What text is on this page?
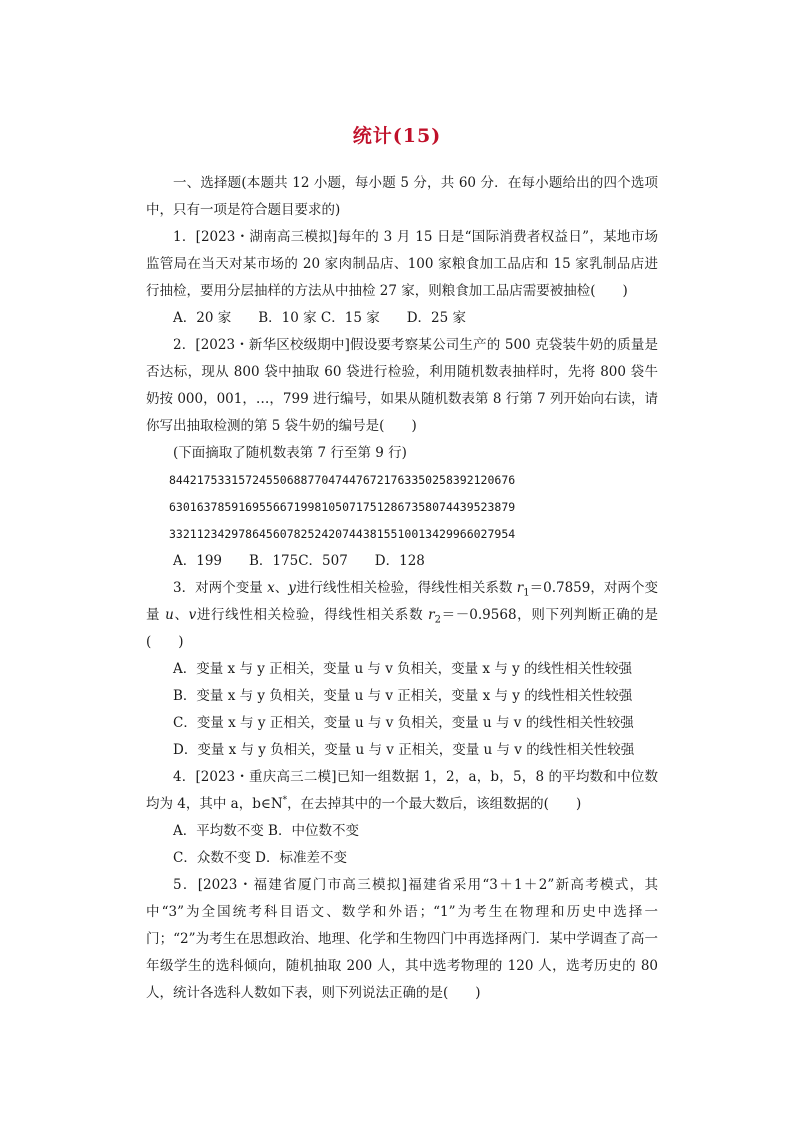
统计(15)

一、选择题(本题共 12 小题，每小题 5 分，共 60 分．在每小题给出的四个选项中，只有一项是符合题目要求的)

1．[2023・湖南高三模拟]每年的 3 月 15 日是“国际消费者权益日”，某地市场监管局在当天对某市场的 20 家肉制品店、100 家粮食加工品店和 15 家乳制品店进行抽检，要用分层抽样的方法从中抽检 27 家，则粮食加工品店需要被抽检(　　)

A．20 家　　B．10 家 C．15 家　　D．25 家

2．[2023・新华区校级期中]假设要考察某公司生产的 500 克袋装牛奶的质量是否达标，现从 800 袋中抽取 60 袋进行检验，利用随机数表抽样时，先将 800 袋牛奶按 000，001，…，799 进行编号，如果从随机数表第 8 行第 7 列开始向右读，请你写出抽取检测的第 5 袋牛奶的编号是(　　)

(下面摘取了随机数表第 7 行至第 9 行)

84421753315724550688770474476721763350258392120676

63016378591695566719981050717512867358074439523879

33211234297864560782524207443815510013429966027954

A．199　　B．175C．507　　D．128

3．对两个变量 x、y进行线性相关检验，得线性相关系数 $r_1=0.7859$，对两个变量 u、v进行线性相关检验，得线性相关系数 $r_2=-0.9568$，则下列判断正确的是(　　)

A．变量 x 与 y 正相关，变量 u 与 v 负相关，变量 x 与 y 的线性相关性较强

B．变量 x 与 y 负相关，变量 u 与 v 正相关，变量 x 与 y 的线性相关性较强

C．变量 x 与 y 正相关，变量 u 与 v 负相关，变量 u 与 v 的线性相关性较强

D．变量 x 与 y 负相关，变量 u 与 v 正相关，变量 u 与 v 的线性相关性较强

4．[2023・重庆高三二模]已知一组数据 1，2，a，b，5，8 的平均数和中位数均为 4，其中 a，b∈N*，在去掉其中的一个最大数后，该组数据的(　　)

A．平均数不变 B．中位数不变

C．众数不变 D．标准差不变

5．[2023・福建省厦门市高三模拟]福建省采用“3＋1＋2”新高考模式，其中“3”为全国统考科目语文、数学和外语；“1”为考生在物理和历史中选择一门；“2”为考生在思想政治、地理、化学和生物四门中再选择两门．某中学调查了高一年级学生的选科倾向，随机抽取 200 人，其中选考物理的 120 人，选考历史的 80 人，统计各选科人数如下表，则下列说法正确的是(　　)
